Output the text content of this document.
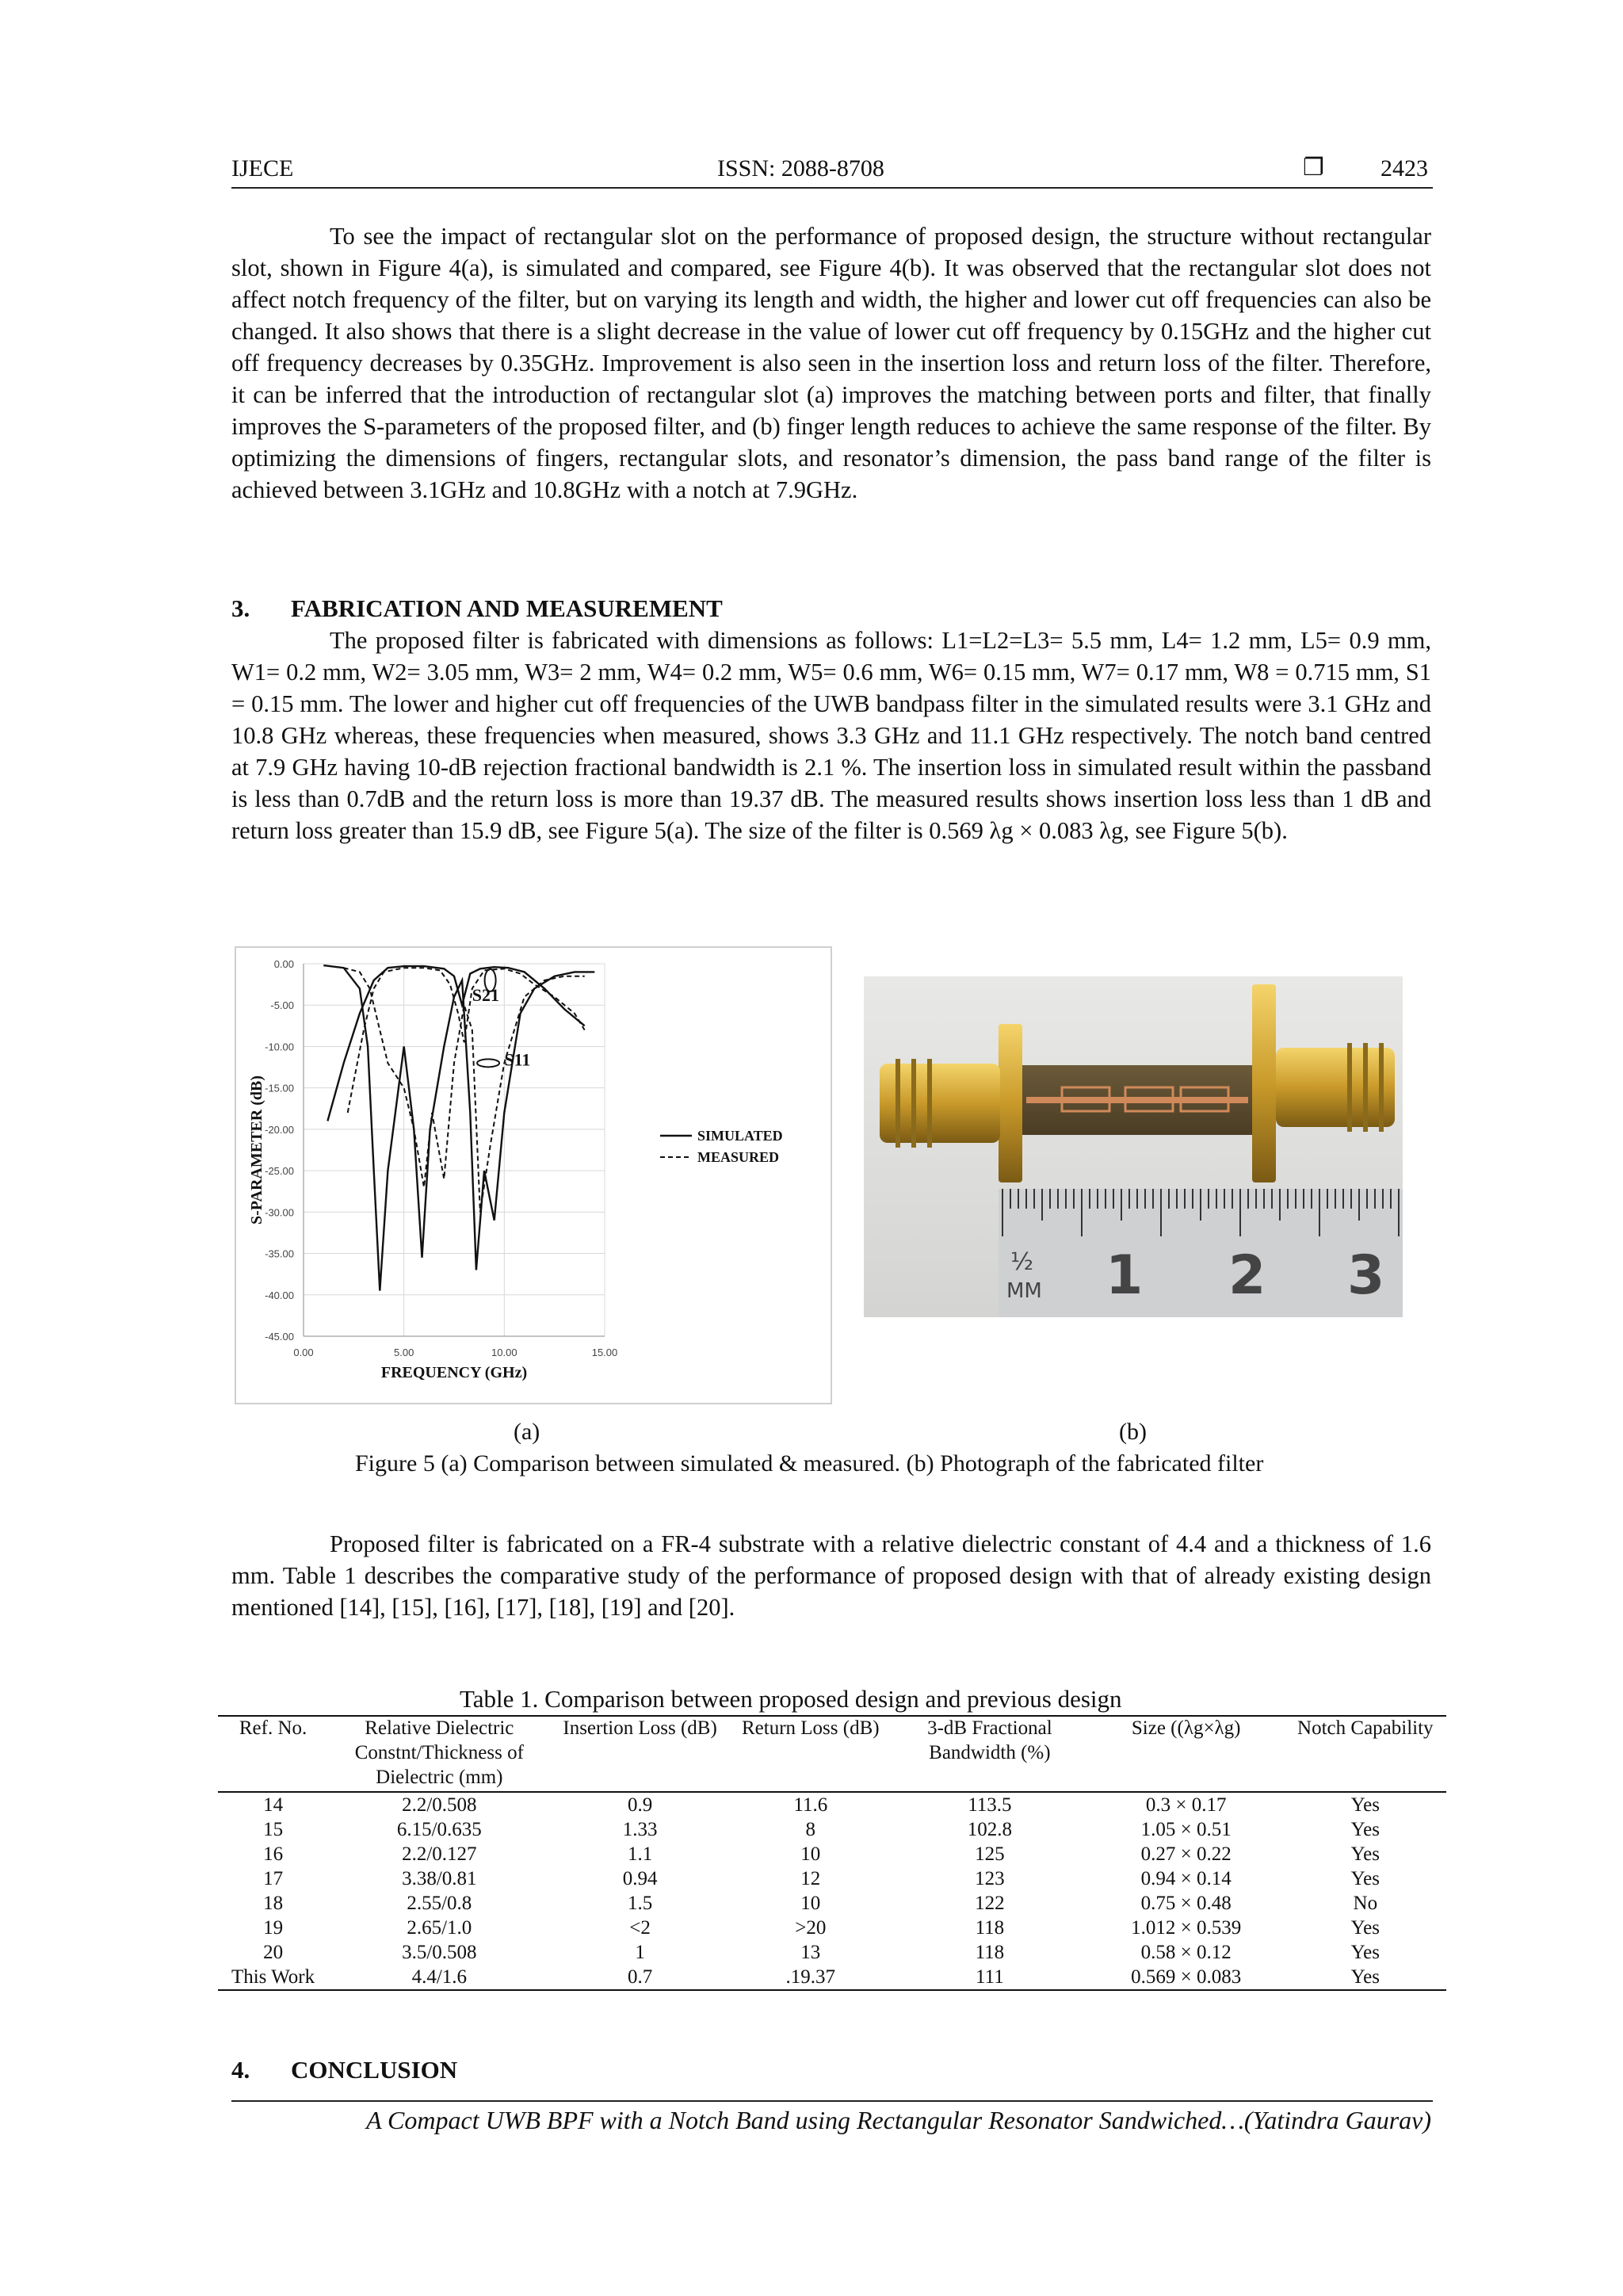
IJECE	ISSN: 2088-8708	❐ 2423
To see the impact of rectangular slot on the performance of proposed design, the structure without rectangular slot, shown in Figure 4(a), is simulated and compared, see Figure 4(b). It was observed that the rectangular slot does not affect notch frequency of the filter, but on varying its length and width, the higher and lower cut off frequencies can also be changed. It also shows that there is a slight decrease in the value of lower cut off frequency by 0.15GHz and the higher cut off frequency decreases by 0.35GHz. Improvement is also seen in the insertion loss and return loss of the filter. Therefore, it can be inferred that the introduction of rectangular slot (a) improves the matching between ports and filter, that finally improves the S-parameters of the proposed filter, and (b) finger length reduces to achieve the same response of the filter. By optimizing the dimensions of fingers, rectangular slots, and resonator’s dimension, the pass band range of the filter is achieved between 3.1GHz and 10.8GHz with a notch at 7.9GHz.
3. FABRICATION AND MEASUREMENT
The proposed filter is fabricated with dimensions as follows: L1=L2=L3= 5.5 mm, L4= 1.2 mm, L5= 0.9 mm, W1= 0.2 mm, W2= 3.05 mm, W3= 2 mm, W4= 0.2 mm, W5= 0.6 mm, W6= 0.15 mm, W7= 0.17 mm, W8 = 0.715 mm, S1 = 0.15 mm. The lower and higher cut off frequencies of the UWB bandpass filter in the simulated results were 3.1 GHz and 10.8 GHz whereas, these frequencies when measured, shows 3.3 GHz and 11.1 GHz respectively. The notch band centred at 7.9 GHz having 10-dB rejection fractional bandwidth is 2.1 %. The insertion loss in simulated result within the passband is less than 0.7dB and the return loss is more than 19.37 dB. The measured results shows insertion loss less than 1 dB and return loss greater than 15.9 dB, see Figure 5(a). The size of the filter is 0.569 λg × 0.083 λg, see Figure 5(b).
0.00
-5.00
-10.00
-15.00
-20.00
-25.00
-30.00
-35.00
-40.00
-45.00
0.00	5.00	10.00	15.00
FREQUENCY (GHz)
S-PARAMETER (dB)
S21
S11
SIMULATED
MEASURED
½
MM 1 2 3
(a)	(b)
Figure 5 (a) Comparison between simulated & measured. (b) Photograph of the fabricated filter
Proposed filter is fabricated on a FR-4 substrate with a relative dielectric constant of 4.4 and a thickness of 1.6 mm. Table 1 describes the comparative study of the performance of proposed design with that of already existing design mentioned [14], [15], [16], [17], [18], [19] and [20].
Table 1. Comparison between proposed design and previous design
Ref. No.	Relative Dielectric Constnt/Thickness of Dielectric (mm)	Insertion Loss (dB)	Return Loss (dB)	3-dB Fractional Bandwidth (%)	Size ((λg×λg)	Notch Capability
14	2.2/0.508	0.9	11.6	113.5	0.3 × 0.17	Yes
15	6.15/0.635	1.33	8	102.8	1.05 × 0.51	Yes
16	2.2/0.127	1.1	10	125	0.27 × 0.22	Yes
17	3.38/0.81	0.94	12	123	0.94 × 0.14	Yes
18	2.55/0.8	1.5	10	122	0.75 × 0.48	No
19	2.65/1.0	<2	>20	118	1.012 × 0.539	Yes
20	3.5/0.508	1	13	118	0.58 × 0.12	Yes
This Work	4.4/1.6	0.7	.19.37	111	0.569 × 0.083	Yes
4. CONCLUSION
A Compact UWB BPF with a Notch Band using Rectangular Resonator Sandwiched…(Yatindra Gaurav)
